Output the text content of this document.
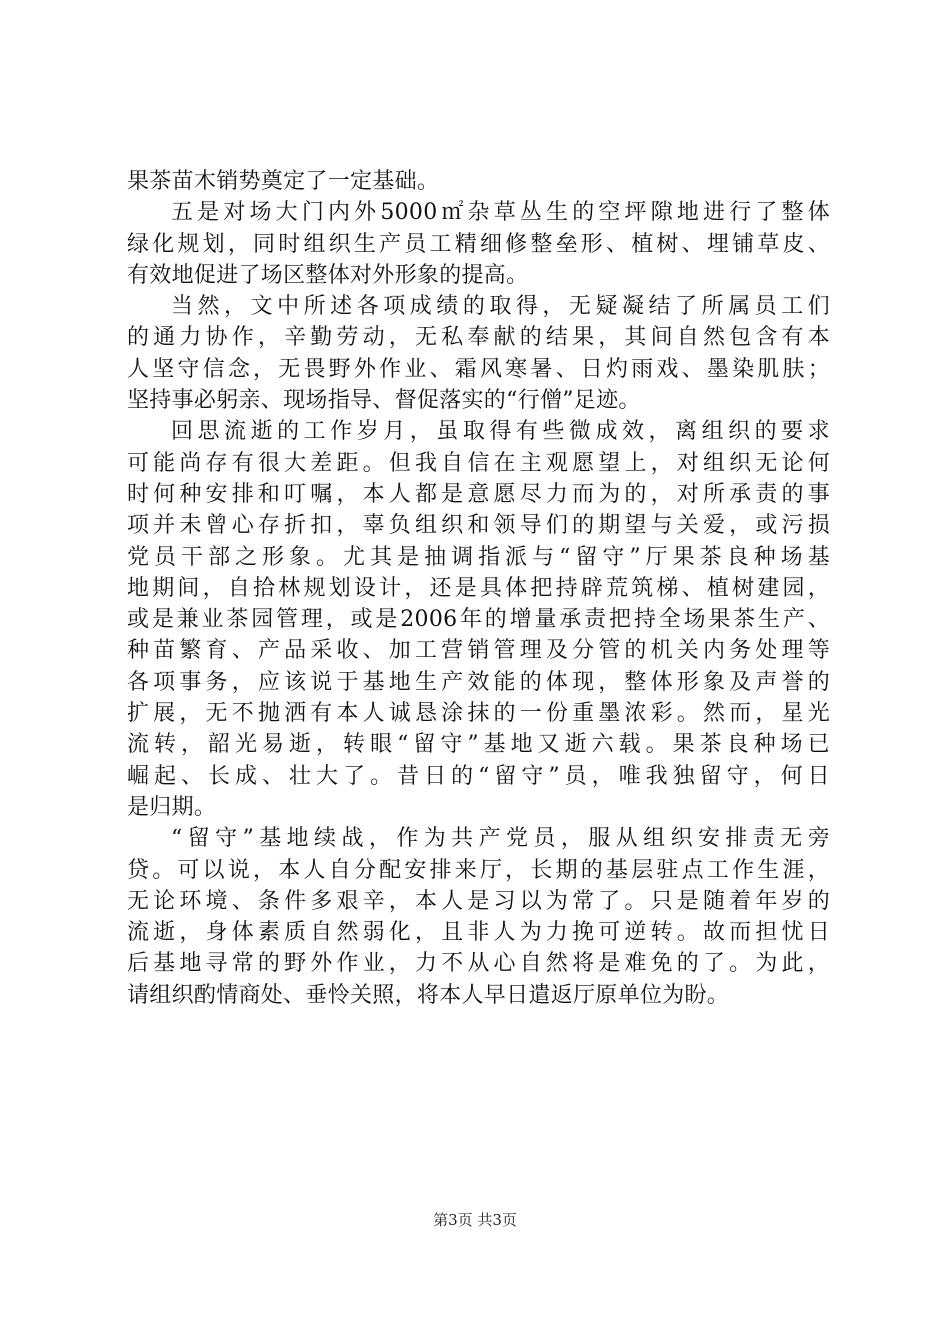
果茶苗木销势奠定了一定基础。
五是对场大门内外5000㎡杂草丛生的空坪隙地进行了整体
绿化规划，同时组织生产员工精细修整垒形、植树、埋铺草皮、
有效地促进了场区整体对外形象的提高。
当然，文中所述各项成绩的取得，无疑凝结了所属员工们
的通力协作，辛勤劳动，无私奉献的结果，其间自然包含有本
人坚守信念，无畏野外作业、霜风寒暑、日灼雨戏、墨染肌肤；
坚持事必躬亲、现场指导、督促落实的“行僧”足迹。
回思流逝的工作岁月，虽取得有些微成效，离组织的要求
可能尚存有很大差距。但我自信在主观愿望上，对组织无论何
时何种安排和叮嘱，本人都是意愿尽力而为的，对所承责的事
项并未曾心存折扣，辜负组织和领导们的期望与关爱，或污损
党员干部之形象。尤其是抽调指派与“留守”厅果茶良种场基
地期间，自拾林规划设计，还是具体把持辟荒筑梯、植树建园，
或是兼业茶园管理，或是2006年的增量承责把持全场果茶生产、
种苗繁育、产品采收、加工营销管理及分管的机关内务处理等
各项事务，应该说于基地生产效能的体现，整体形象及声誉的
扩展，无不抛洒有本人诚恳涂抹的一份重墨浓彩。然而，星光
流转，韶光易逝，转眼“留守”基地又逝六载。果茶良种场已
崛起、长成、壮大了。昔日的“留守”员，唯我独留守，何日
是归期。
“留守”基地续战，作为共产党员，服从组织安排责无旁
贷。可以说，本人自分配安排来厅，长期的基层驻点工作生涯，
无论环境、条件多艰辛，本人是习以为常了。只是随着年岁的
流逝，身体素质自然弱化，且非人为力挽可逆转。故而担忧日
后基地寻常的野外作业，力不从心自然将是难免的了。为此，
请组织酌情商处、垂怜关照，将本人早日遣返厅原单位为盼。
第3页 共3页
